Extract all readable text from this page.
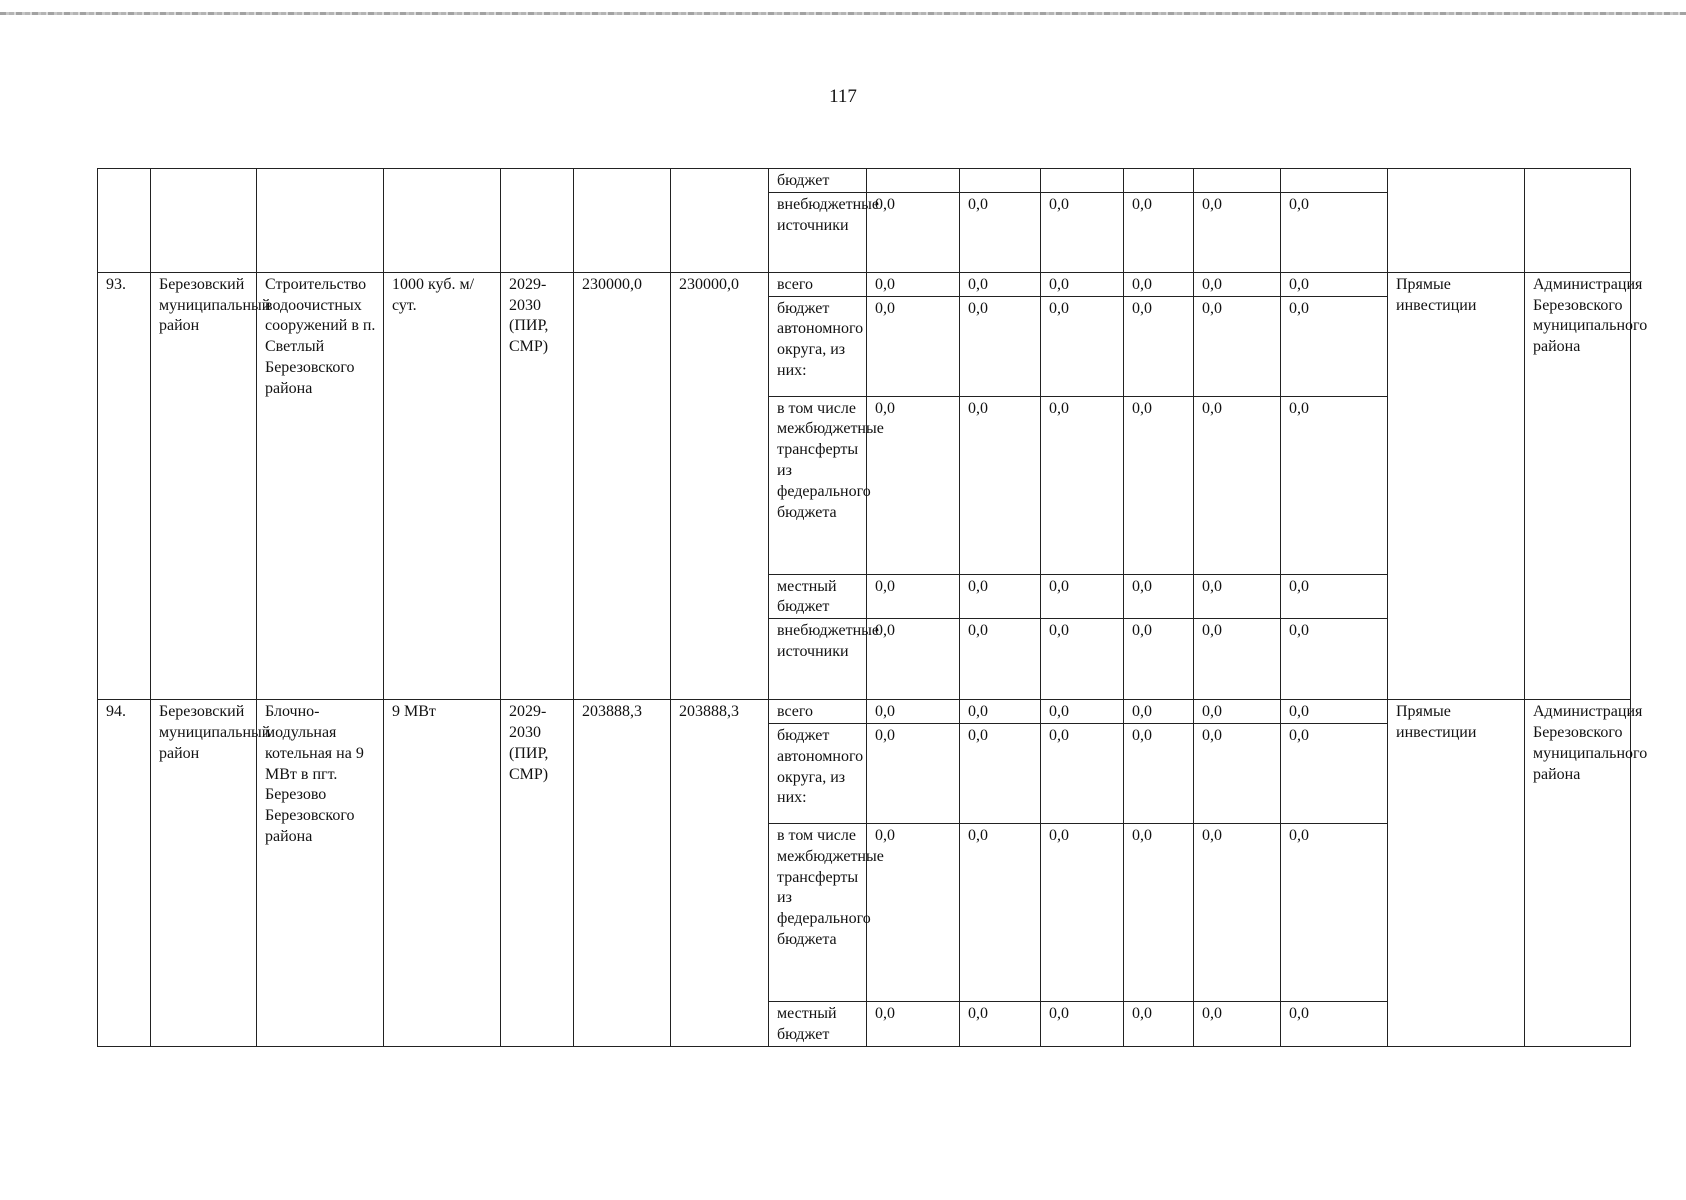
117
							бюджет								
							внебюджетные источники	0,0	0,0	0,0	0,0	0,0	0,0		
93.	Березовский муниципальный район	Строительство водоочистных сооружений в п. Светлый Березовского района	1000 куб. м/сут.	2029-2030 (ПИР, СМР)	230000,0	230000,0	всего	0,0	0,0	0,0	0,0	0,0	0,0	Прямые инвестиции	Администрация Березовского муниципального района
							бюджет автономного округа, из них:	0,0	0,0	0,0	0,0	0,0	0,0		
							в том числе межбюджетные трансферты из федерального бюджета	0,0	0,0	0,0	0,0	0,0	0,0		
							местный бюджет	0,0	0,0	0,0	0,0	0,0	0,0		
							внебюджетные источники	0,0	0,0	0,0	0,0	0,0	0,0		
94.	Березовский муниципальный район	Блочно-модульная котельная на 9 МВт в пгт. Березово Березовского района	9 МВт	2029-2030 (ПИР, СМР)	203888,3	203888,3	всего	0,0	0,0	0,0	0,0	0,0	0,0	Прямые инвестиции	Администрация Березовского муниципального района
							бюджет автономного округа, из них:	0,0	0,0	0,0	0,0	0,0	0,0		
							в том числе межбюджетные трансферты из федерального бюджета	0,0	0,0	0,0	0,0	0,0	0,0		
							местный бюджет	0,0	0,0	0,0	0,0	0,0	0,0		
